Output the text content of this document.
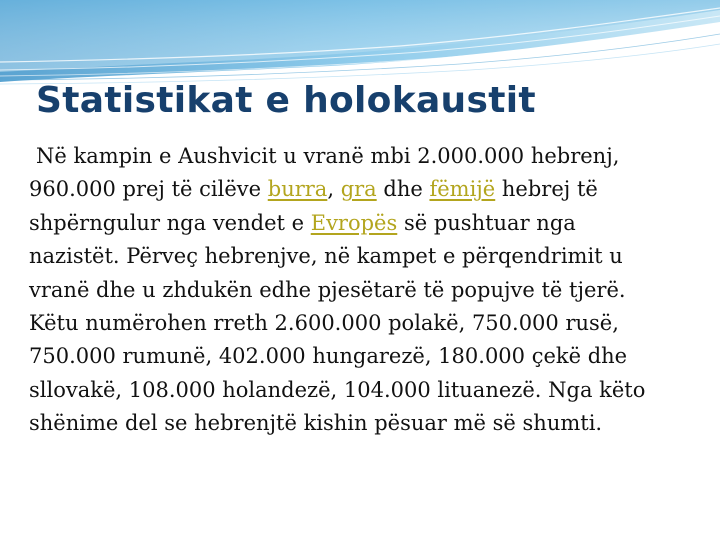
Statistikat e holokaustit
Në kampin e Aushvicit u vranë mbi 2.000.000 hebrenj,
960.000 prej të cilëve burra, gra dhe fëmijë hebrej të
shpërngulur nga vendet e Evropës së pushtuar nga
nazistët. Përveç hebrenjve, në kampet e përqendrimit u
vranë dhe u zhdukën edhe pjesëtarë të popujve të tjerë.
Këtu numërohen rreth 2.600.000 polakë, 750.000 rusë,
750.000 rumunë, 402.000 hungarezë, 180.000 çekë dhe
sllovakë, 108.000 holandezë, 104.000 lituanezë. Nga këto
shënime del se hebrenjtë kishin pësuar më së shumti.
